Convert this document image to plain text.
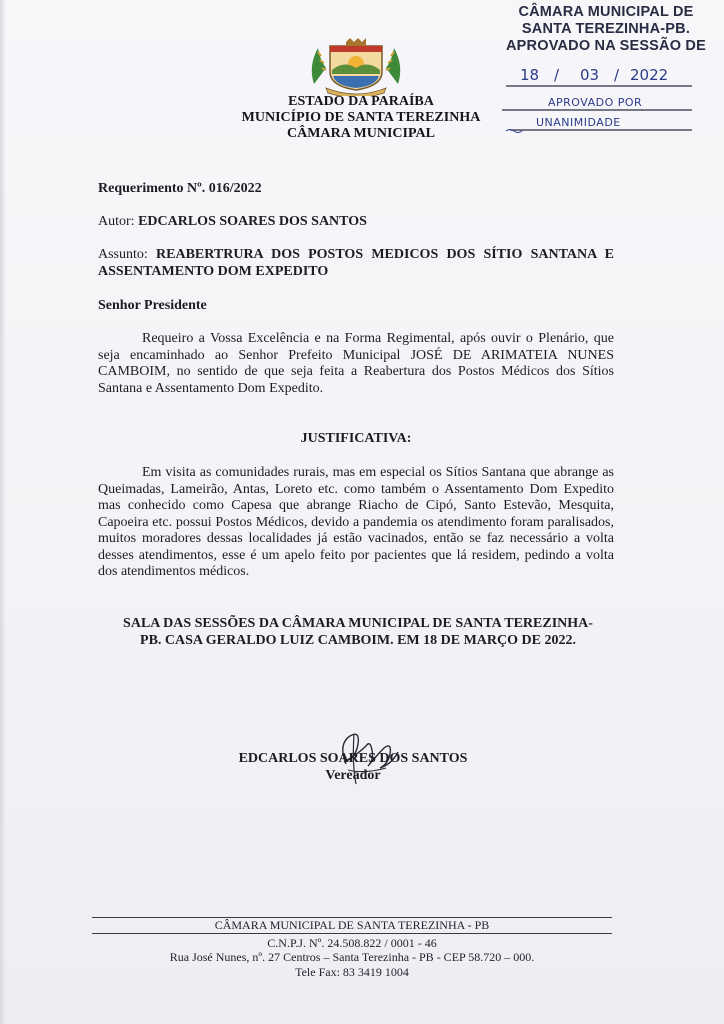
ESTADO DA PARAÍBA
MUNICÍPIO DE SANTA TEREZINHA
CÂMARA MUNICIPAL
CÂMARA MUNICIPAL DE
SANTA TEREZINHA-PB.
APROVADO NA SESSÃO DE
18 / 03 / 2022
APROVADO POR
UNANIMIDADE
Requerimento Nº. 016/2022
Autor: EDCARLOS SOARES DOS SANTOS
Assunto: REABERTRURA DOS POSTOS MEDICOS DOS SÍTIO SANTANA E ASSENTAMENTO DOM EXPEDITO
Senhor Presidente
Requeiro a Vossa Excelência e na Forma Regimental, após ouvir o Plenário, que seja encaminhado ao Senhor Prefeito Municipal JOSÉ DE ARIMATEIA NUNES CAMBOIM, no sentido de que seja feita a Reabertura dos Postos Médicos dos Sítios Santana e Assentamento Dom Expedito.
JUSTIFICATIVA:
Em visita as comunidades rurais, mas em especial os Sítios Santana que abrange as Queimadas, Lameirão, Antas, Loreto etc. como também o Assentamento Dom Expedito mas conhecido como Capesa que abrange Riacho de Cipó, Santo Estevão, Mesquita, Capoeira etc. possui Postos Médicos, devido a pandemia os atendimento foram paralisados, muitos moradores dessas localidades já estão vacinados, então se faz necessário a volta desses atendimentos, esse é um apelo feito por pacientes que lá residem, pedindo a volta dos atendimentos médicos.
SALA DAS SESSÕES DA CÂMARA MUNICIPAL DE SANTA TEREZINHA-
PB. CASA GERALDO LUIZ CAMBOIM. EM 18 DE MARÇO DE 2022.
EDCARLOS SOARES DOS SANTOS
Vereador
CÂMARA MUNICIPAL DE SANTA TEREZINHA - PB
C.N.P.J. Nº. 24.508.822 / 0001 - 46
Rua José Nunes, nº. 27 Centros – Santa Terezinha - PB - CEP 58.720 – 000.
Tele Fax: 83 3419 1004
